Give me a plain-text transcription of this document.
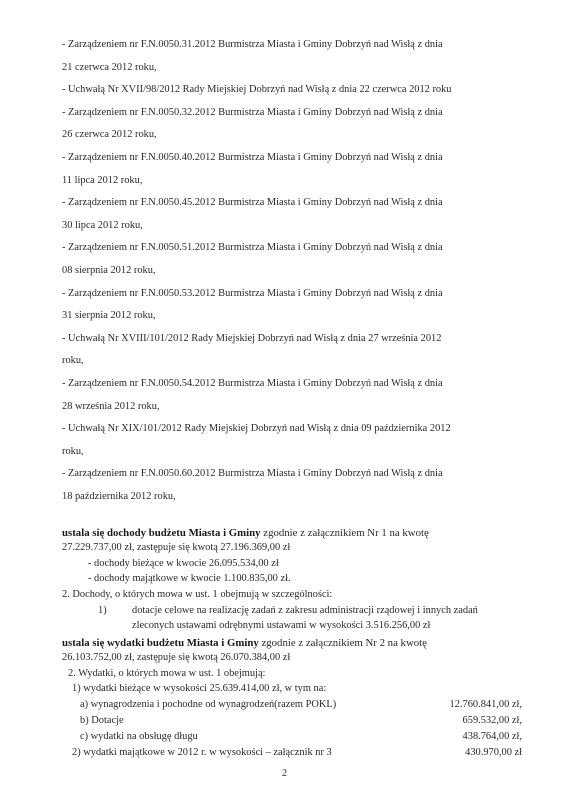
- Zarządzeniem nr F.N.0050.31.2012 Burmistrza Miasta i Gminy Dobrzyń nad Wisłą z dnia
21 czerwca 2012 roku,
- Uchwałą Nr XVII/98/2012 Rady Miejskiej Dobrzyń nad Wisłą z dnia 22 czerwca 2012 roku
- Zarządzeniem nr F.N.0050.32.2012 Burmistrza Miasta i Gminy Dobrzyń nad Wisłą z dnia
26 czerwca 2012 roku,
- Zarządzeniem nr F.N.0050.40.2012 Burmistrza Miasta i Gminy Dobrzyń nad Wisłą z dnia
11 lipca 2012 roku,
- Zarządzeniem nr F.N.0050.45.2012 Burmistrza Miasta i Gminy Dobrzyń nad Wisłą z dnia
30 lipca 2012 roku,
- Zarządzeniem nr F.N.0050.51.2012 Burmistrza Miasta i Gminy Dobrzyń nad Wisłą z dnia
08 sierpnia 2012 roku,
- Zarządzeniem nr F.N.0050.53.2012 Burmistrza Miasta i Gminy Dobrzyń nad Wisłą z dnia
31 sierpnia 2012 roku,
- Uchwałą Nr XVIII/101/2012 Rady Miejskiej Dobrzyń nad Wisłą z dnia 27 września 2012
roku,
- Zarządzeniem nr F.N.0050.54.2012 Burmistrza Miasta i Gminy Dobrzyń nad Wisłą z dnia
28 września 2012 roku,
- Uchwałą Nr XIX/101/2012 Rady Miejskiej Dobrzyń nad Wisłą z dnia 09 października 2012
roku,
- Zarządzeniem nr F.N.0050.60.2012 Burmistrza Miasta i Gminy Dobrzyń nad Wisłą z dnia
18 października 2012 roku,
ustala się dochody budżetu Miasta i Gminy zgodnie z załącznikiem Nr 1 na kwotę
27.229.737,00 zł, zastępuje się kwotą 27.196.369,00 zł
- dochody bieżące w kwocie 26.095.534,00 zł
- dochody majątkowe w kwocie 1.100.835,00 zł.
2. Dochody, o których mowa w ust. 1 obejmują w szczególności:
1) dotacje celowe na realizację zadań z zakresu administracji rządowej i innych zadań
zleconych ustawami odrębnymi ustawami w wysokości 3.516.256,00 zł
ustala się wydatki budżetu Miasta i Gminy zgodnie z załącznikiem Nr 2 na kwotę
26.103.752,00 zł, zastępuje się kwotą 26.070.384,00 zł
2. Wydatki, o których mowa w ust. 1 obejmują:
1) wydatki bieżące w wysokości 25.639.414,00 zł, w tym na:
a) wynagrodzenia i pochodne od wynagrodzeń(razem POKL)	12.760.841,00 zł,
b) Dotacje	659.532,00 zł,
c) wydatki na obsługę długu	438.764,00 zł,
2) wydatki majątkowe w 2012 r. w wysokości – załącznik nr 3	430.970,00 zł
2
